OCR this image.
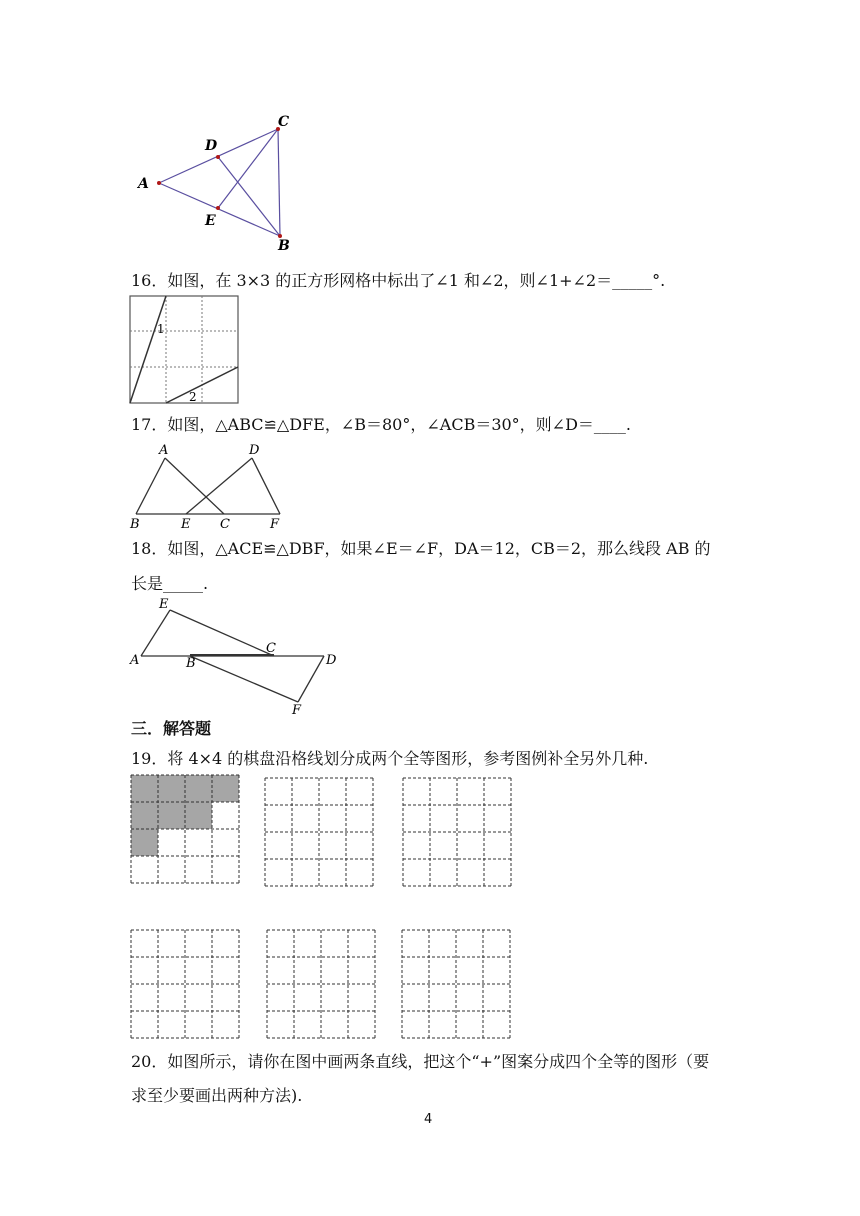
A
D
E
C
B
16．如图，在 3×3 的正方形网格中标出了∠1 和∠2，则∠1+∠2＝_____°.
1
2
17．如图，△ABC≌△DFE，∠B＝80°，∠ACB＝30°，则∠D＝____.
A	D
B	E C	F
18．如图，△ACE≌△DBF，如果∠E＝∠F，DA＝12，CB＝2，那么线段 AB 的
长是_____.
E
A	B
C
D
F
三．解答题
19．将 4×4 的棋盘沿格线划分成两个全等图形，参考图例补全另外几种.
20．如图所示，请你在图中画两条直线，把这个“+”图案分成四个全等的图形（要
求至少要画出两种方法).
4
